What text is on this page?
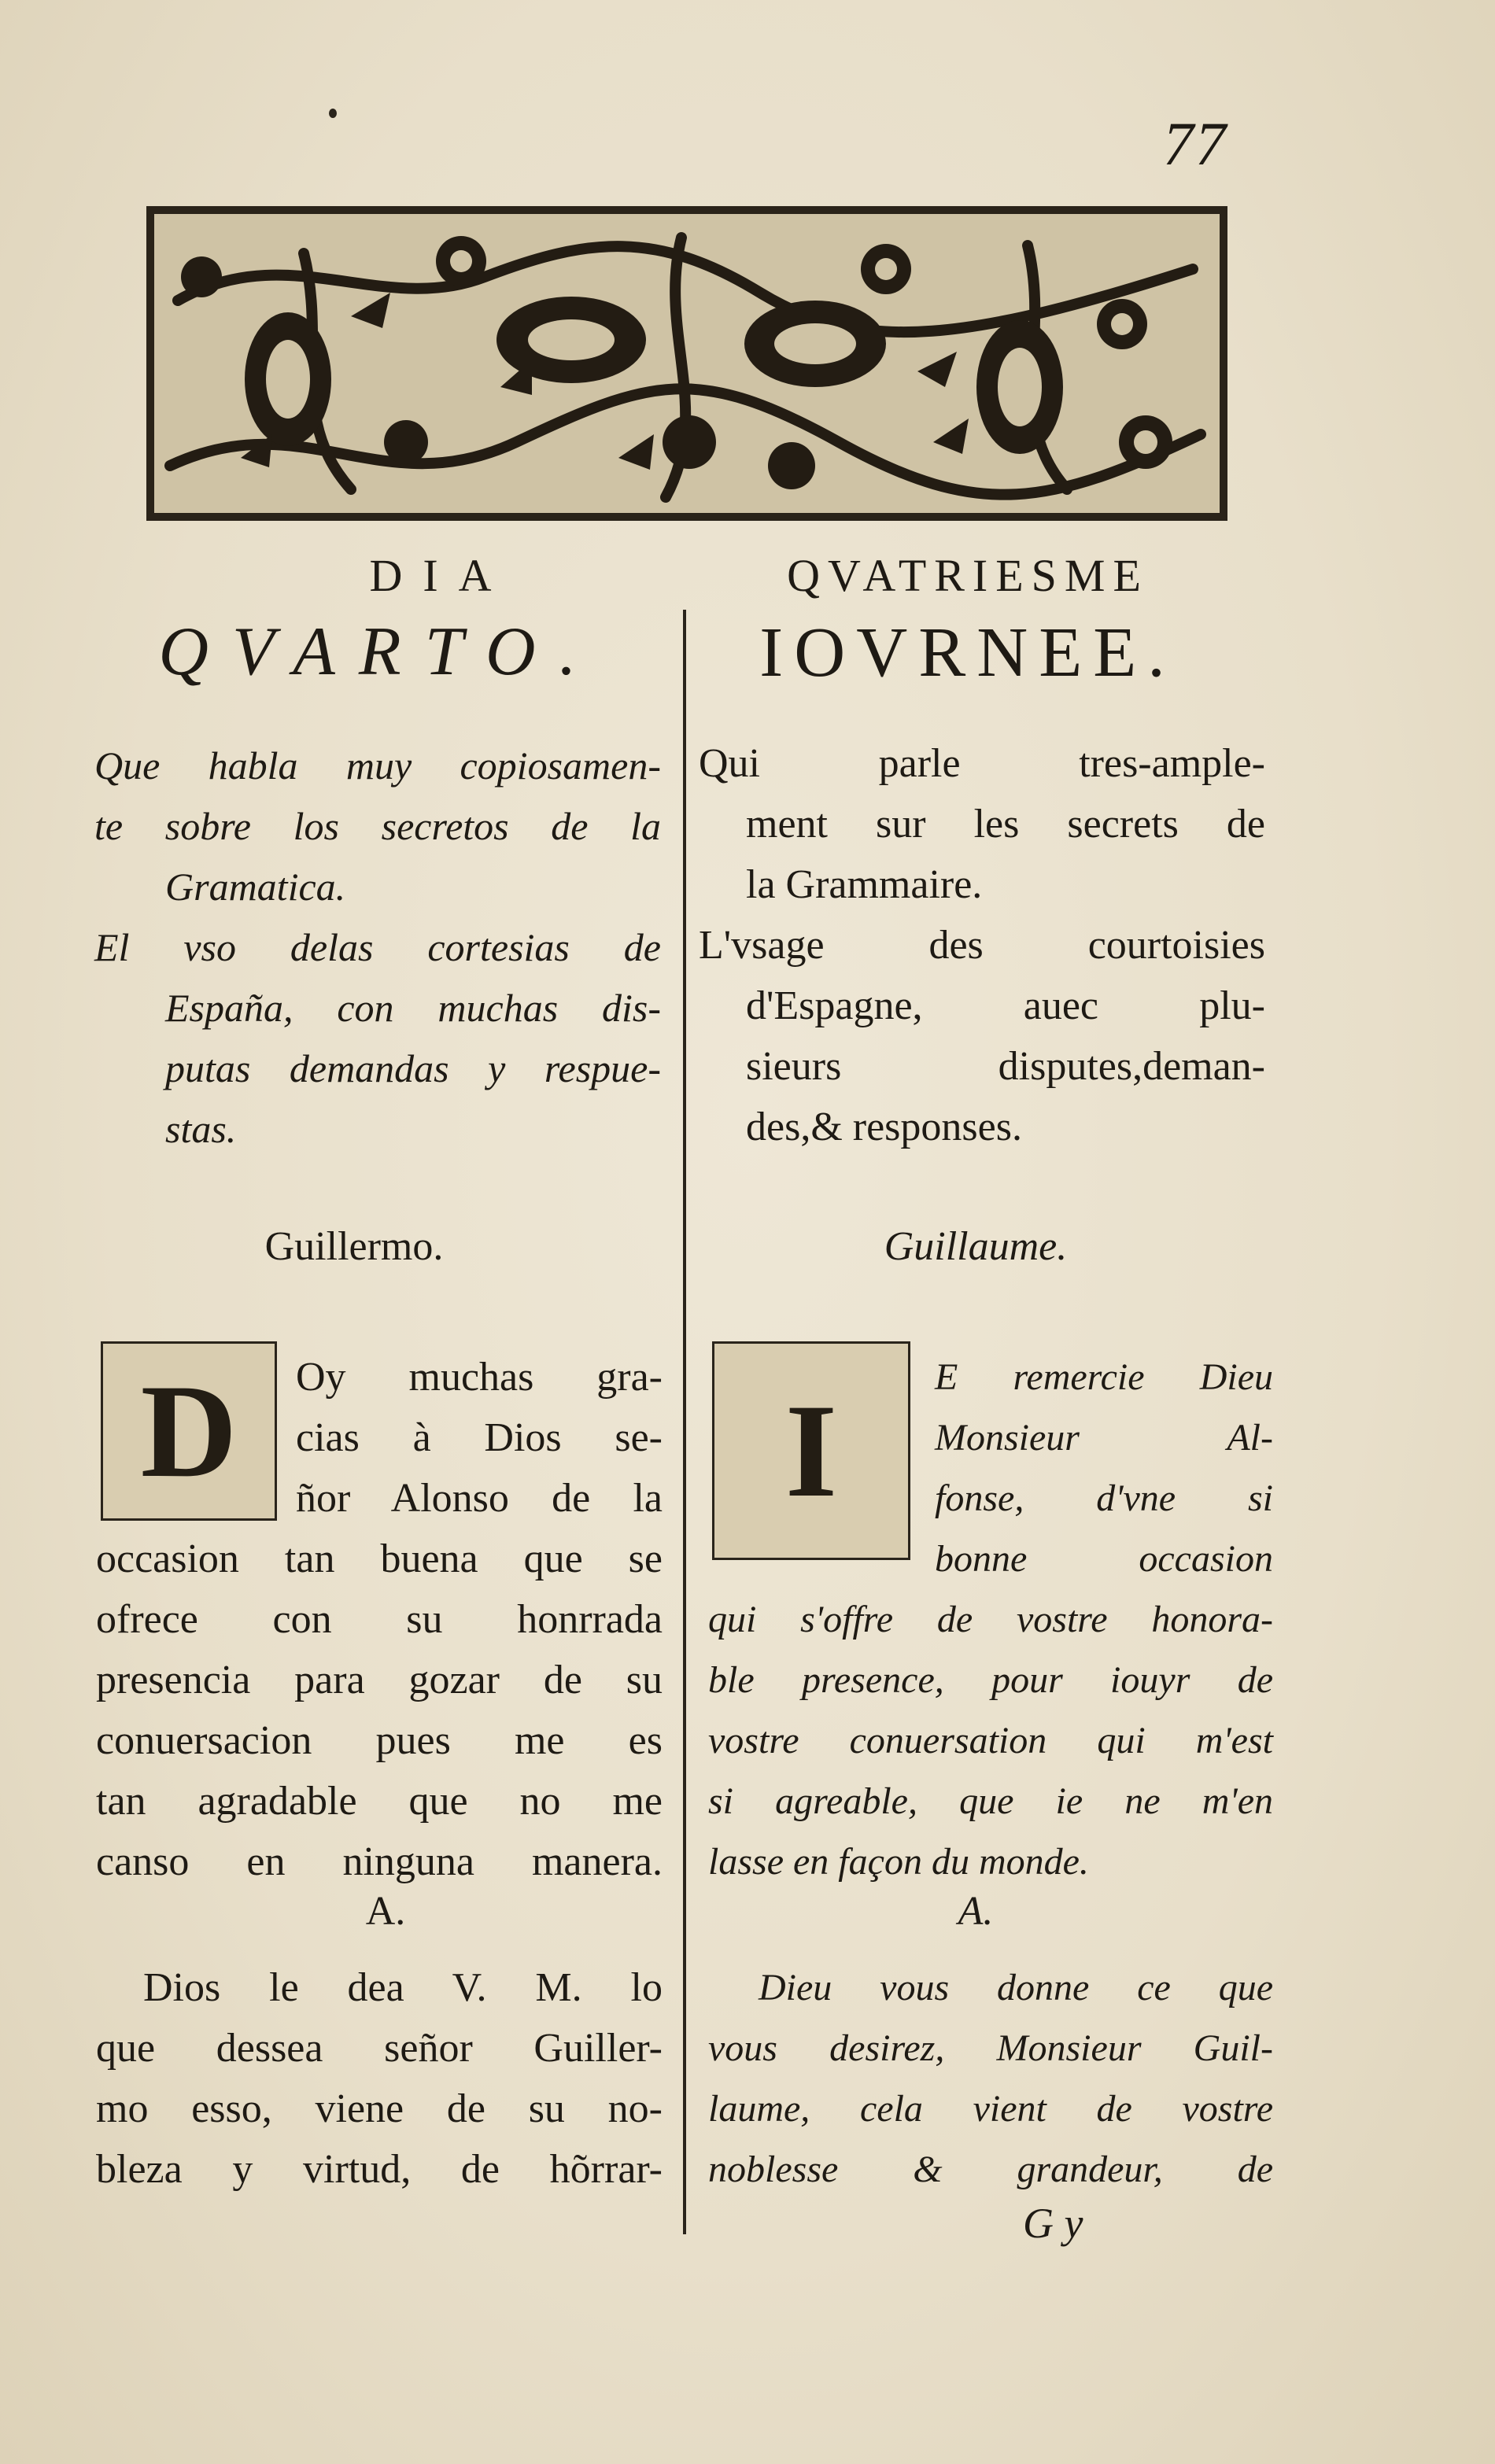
77
DIA
QVARTO.
QVATRIESME
IOVRNEE.
Que habla muy copiosamen-
te sobre los secretos de la
Gramatica.
El vso delas cortesias de
España, con muchas dis-
putas demandas y respue-
stas.
Qui parle tres-ample-
ment sur les secrets de
la Grammaire.
L'vsage des courtoisies
d'Espagne, auec plu-
sieurs disputes,deman-
des,& responses.
Guillermo.	Guillaume.
D	I
Oy muchas gra-
cias à Dios se-
ñor Alonso de la
occasion tan buena que se
ofrece con su honrrada
presencia para gozar de su
conuersacion pues me es
tan agradable que no me
canso en ninguna manera.
E remercie Dieu
Monsieur Al-
fonse, d'vne si
bonne occasion
qui s'offre de vostre honora-
ble presence, pour iouyr de
vostre conuersation qui m'est
si agreable, que ie ne m'en
lasse en façon du monde.
A.	A.
Dios le dea V. M. lo
que dessea señor Guiller-
mo esso, viene de su no-
bleza y virtud, de hõrrar-
Dieu vous donne ce que
vous desirez, Monsieur Guil-
laume, cela vient de vostre
noblesse & grandeur, de
G y
